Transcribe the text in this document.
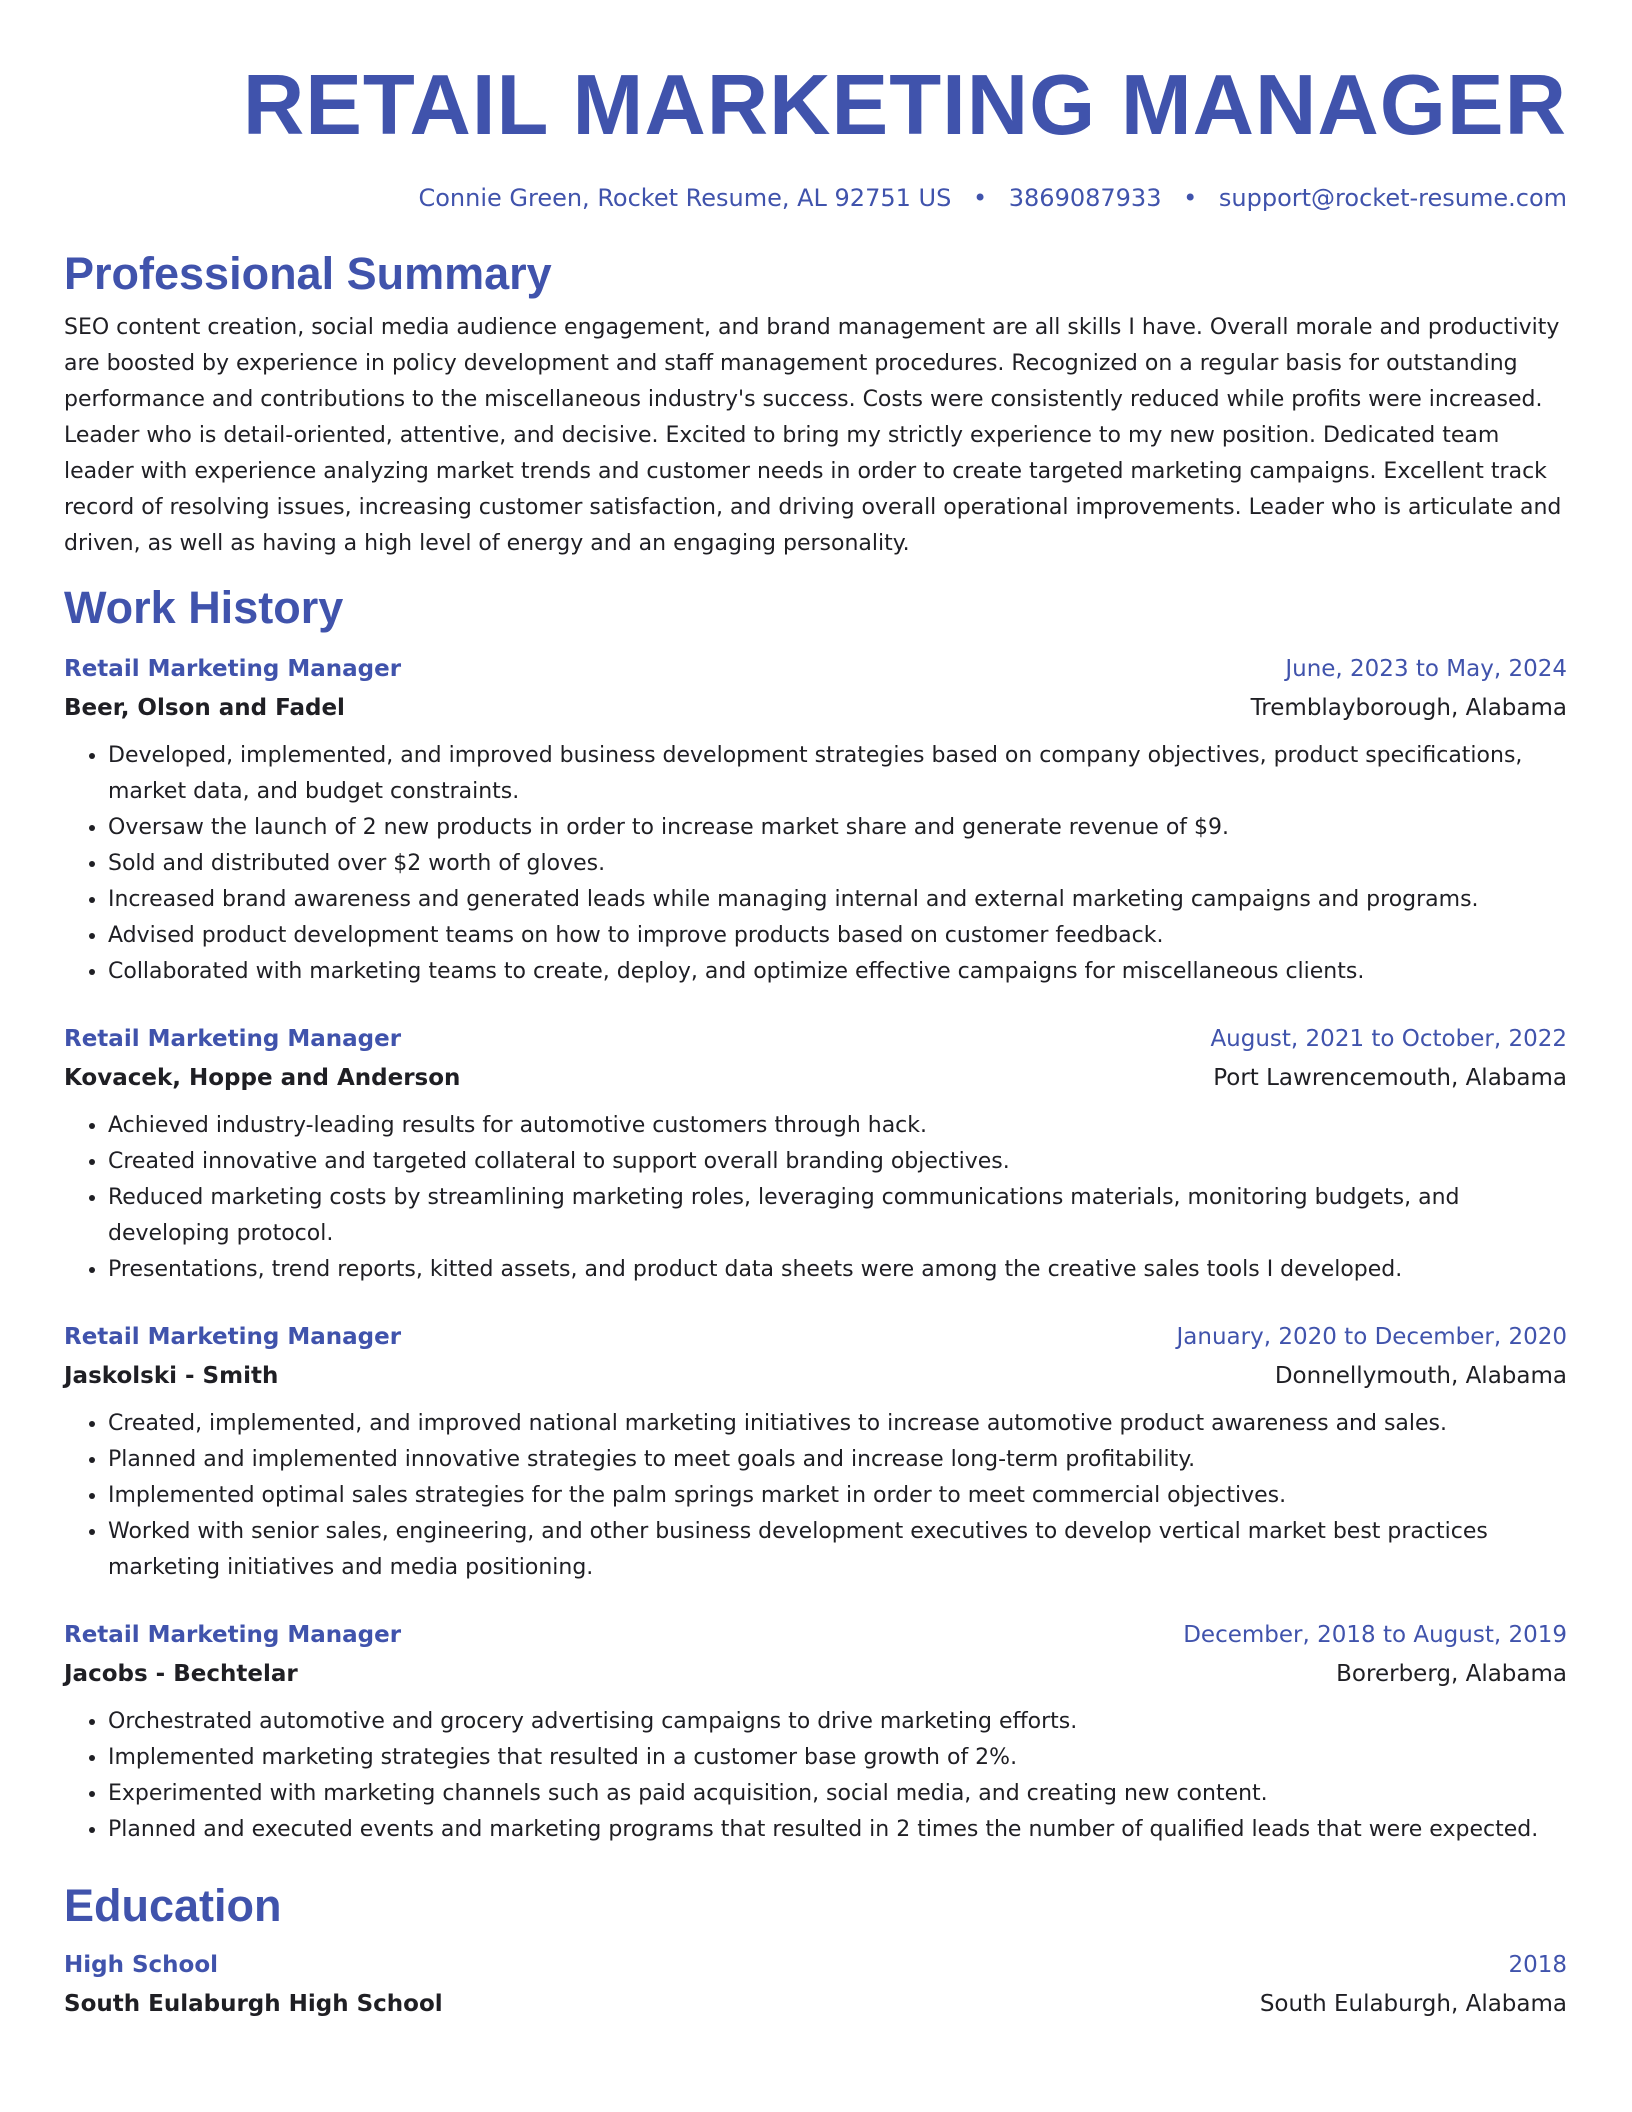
RETAIL MARKETING MANAGER
Connie Green, Rocket Resume, AL 92751 US • 3869087933 • support@rocket-resume.com
Professional Summary

SEO content creation, social media audience engagement, and brand management are all skills I have. Overall morale and productivity are boosted by experience in policy development and staff management procedures. Recognized on a regular basis for outstanding performance and contributions to the miscellaneous industry's success. Costs were consistently reduced while profits were increased. Leader who is detail-oriented, attentive, and decisive. Excited to bring my strictly experience to my new position. Dedicated team leader with experience analyzing market trends and customer needs in order to create targeted marketing campaigns. Excellent track record of resolving issues, increasing customer satisfaction, and driving overall operational improvements. Leader who is articulate and driven, as well as having a high level of energy and an engaging personality.

Work History
Retail Marketing Manager	June, 2023 to May, 2024
Beer, Olson and Fadel	Tremblayborough, Alabama
• Developed, implemented, and improved business development strategies based on company objectives, product specifications, market data, and budget constraints.
• Oversaw the launch of 2 new products in order to increase market share and generate revenue of $9.
• Sold and distributed over $2 worth of gloves.
• Increased brand awareness and generated leads while managing internal and external marketing campaigns and programs.
• Advised product development teams on how to improve products based on customer feedback.
• Collaborated with marketing teams to create, deploy, and optimize effective campaigns for miscellaneous clients.
Retail Marketing Manager	August, 2021 to October, 2022
Kovacek, Hoppe and Anderson	Port Lawrencemouth, Alabama
• Achieved industry-leading results for automotive customers through hack.
• Created innovative and targeted collateral to support overall branding objectives.
• Reduced marketing costs by streamlining marketing roles, leveraging communications materials, monitoring budgets, and developing protocol.
• Presentations, trend reports, kitted assets, and product data sheets were among the creative sales tools I developed.
Retail Marketing Manager	January, 2020 to December, 2020
Jaskolski - Smith	Donnellymouth, Alabama
• Created, implemented, and improved national marketing initiatives to increase automotive product awareness and sales.
• Planned and implemented innovative strategies to meet goals and increase long-term profitability.
• Implemented optimal sales strategies for the palm springs market in order to meet commercial objectives.
• Worked with senior sales, engineering, and other business development executives to develop vertical market best practices marketing initiatives and media positioning.
Retail Marketing Manager	December, 2018 to August, 2019
Jacobs - Bechtelar	Borerberg, Alabama
• Orchestrated automotive and grocery advertising campaigns to drive marketing efforts.
• Implemented marketing strategies that resulted in a customer base growth of 2%.
• Experimented with marketing channels such as paid acquisition, social media, and creating new content.
• Planned and executed events and marketing programs that resulted in 2 times the number of qualified leads that were expected.
Education
High School	2018
South Eulaburgh High School	South Eulaburgh, Alabama
